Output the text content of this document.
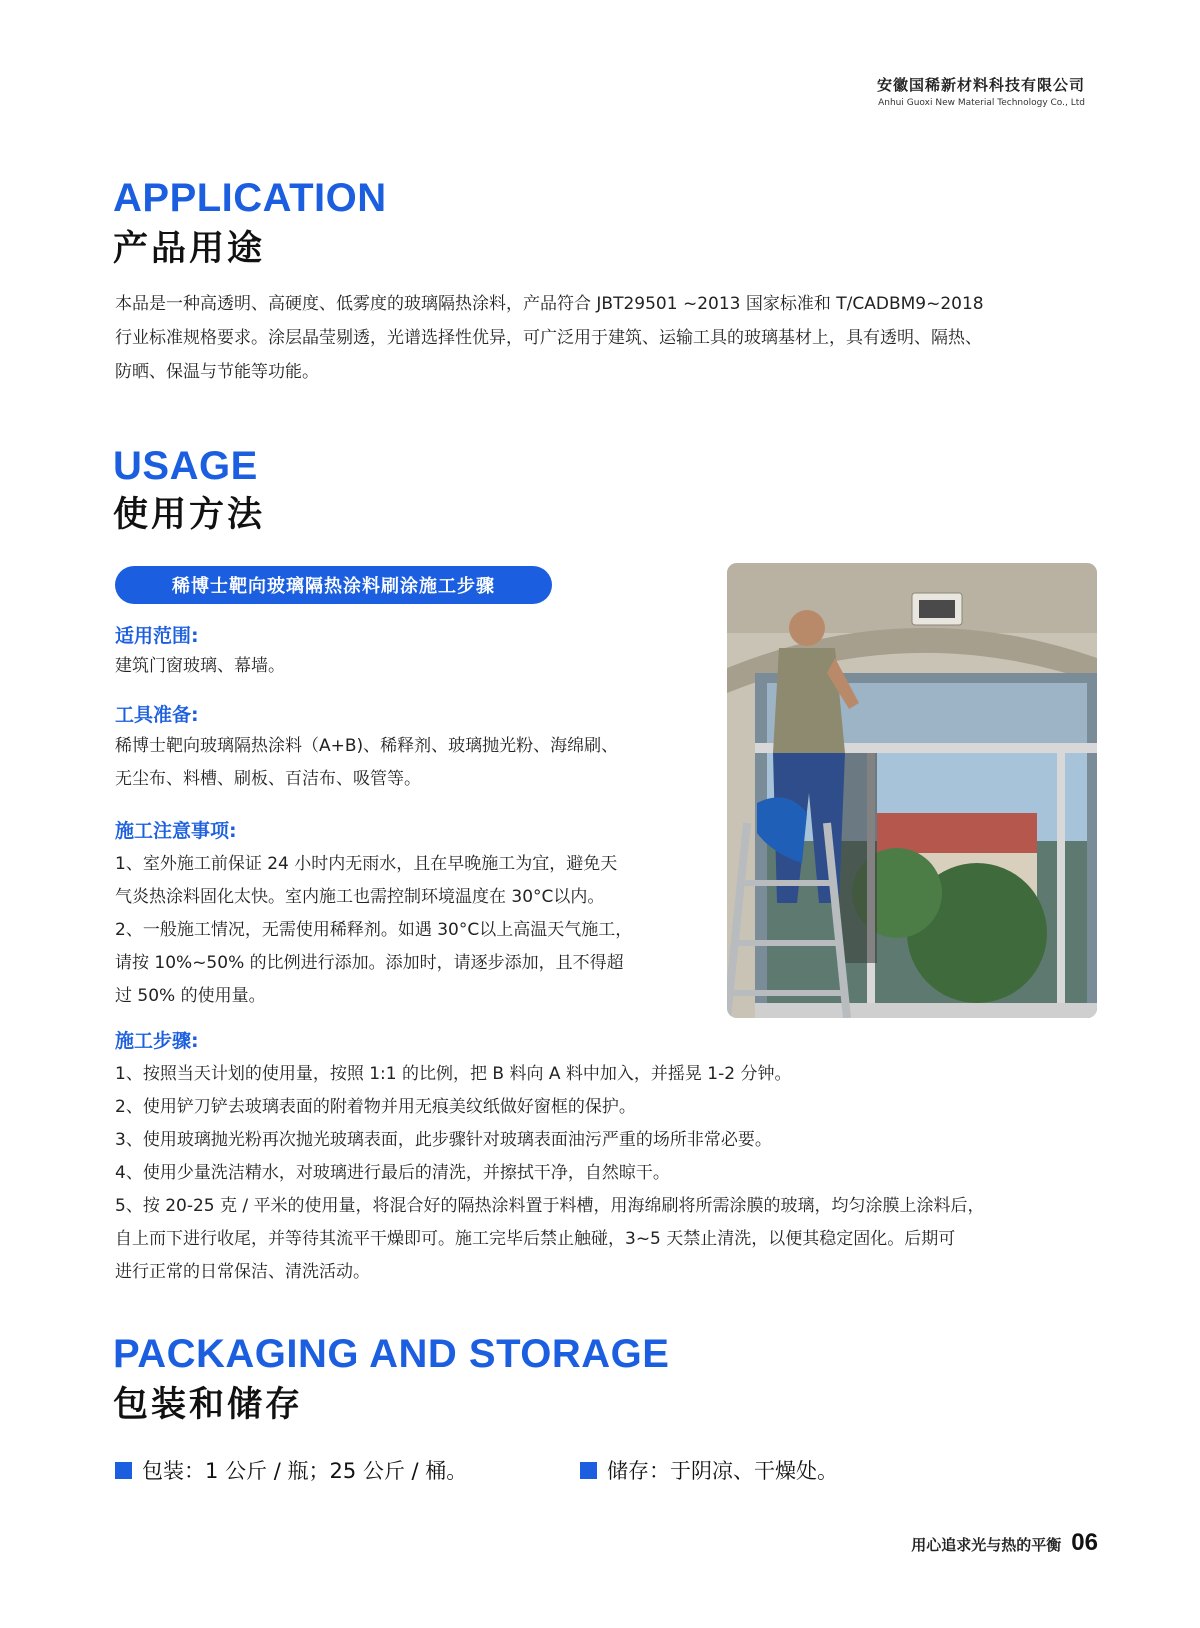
安徽国稀新材料科技有限公司
Anhui Guoxi New Material Technology Co., Ltd
APPLICATION
产品用途
本品是一种高透明、高硬度、低雾度的玻璃隔热涂料，产品符合 JBT29501 ~2013 国家标准和 T/CADBM9~2018
行业标准规格要求。涂层晶莹剔透，光谱选择性优异，可广泛用于建筑、运输工具的玻璃基材上，具有透明、隔热、
防晒、保温与节能等功能。
USAGE
使用方法
稀博士靶向玻璃隔热涂料刷涂施工步骤
适用范围:
建筑门窗玻璃、幕墙。
工具准备:
稀博士靶向玻璃隔热涂料（A+B)、稀释剂、玻璃抛光粉、海绵刷、
无尘布、料槽、刷板、百洁布、吸管等。
施工注意事项:
1、室外施工前保证 24 小时内无雨水，且在早晚施工为宜，避免天
气炎热涂料固化太快。室内施工也需控制环境温度在 30°C以内。
2、一般施工情况，无需使用稀释剂。如遇 30°C以上高温天气施工，
请按 10%~50% 的比例进行添加。添加时，请逐步添加，且不得超
过 50% 的使用量。
施工步骤:
1、按照当天计划的使用量，按照 1:1 的比例，把 B 料向 A 料中加入，并摇晃 1-2 分钟。
2、使用铲刀铲去玻璃表面的附着物并用无痕美纹纸做好窗框的保护。
3、使用玻璃抛光粉再次抛光玻璃表面，此步骤针对玻璃表面油污严重的场所非常必要。
4、使用少量洗洁精水，对玻璃进行最后的清洗，并擦拭干净，自然晾干。
5、按 20-25 克 / 平米的使用量，将混合好的隔热涂料置于料槽，用海绵刷将所需涂膜的玻璃，均匀涂膜上涂料后，
自上而下进行收尾，并等待其流平干燥即可。施工完毕后禁止触碰，3~5 天禁止清洗，以便其稳定固化。后期可
进行正常的日常保洁、清洗活动。
PACKAGING AND STORAGE
包装和储存
包装：1 公斤 / 瓶；25 公斤 / 桶。	储存：于阴凉、干燥处。
用心追求光与热的平衡 06
